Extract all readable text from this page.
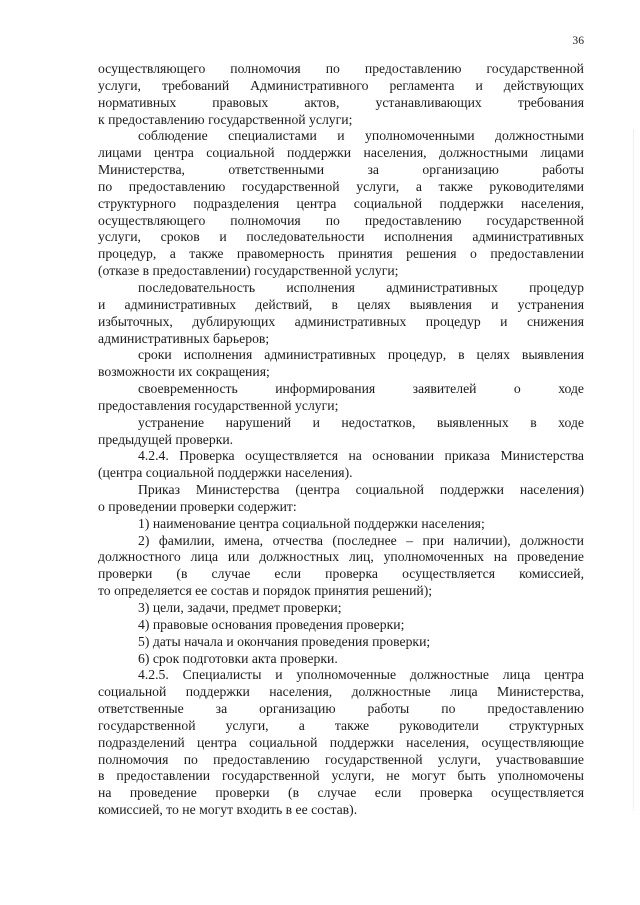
36
осуществляющего полномочия по предоставлению государственной
услуги, требований Административного регламента и действующих
нормативных правовых актов, устанавливающих требования
к предоставлению государственной услуги;
соблюдение специалистами и уполномоченными должностными
лицами центра социальной поддержки населения, должностными лицами
Министерства, ответственными за организацию работы
по предоставлению государственной услуги, а также руководителями
структурного подразделения центра социальной поддержки населения,
осуществляющего полномочия по предоставлению государственной
услуги, сроков и последовательности исполнения административных
процедур, а также правомерность принятия решения о предоставлении
(отказе в предоставлении) государственной услуги;
последовательность исполнения административных процедур
и административных действий, в целях выявления и устранения
избыточных, дублирующих административных процедур и снижения
административных барьеров;
сроки исполнения административных процедур, в целях выявления
возможности их сокращения;
своевременность информирования заявителей о ходе
предоставления государственной услуги;
устранение нарушений и недостатков, выявленных в ходе
предыдущей проверки.
4.2.4. Проверка осуществляется на основании приказа Министерства
(центра социальной поддержки населения).
Приказ Министерства (центра социальной поддержки населения)
о проведении проверки содержит:
1) наименование центра социальной поддержки населения;
2) фамилии, имена, отчества (последнее – при наличии), должности
должностного лица или должностных лиц, уполномоченных на проведение
проверки (в случае если проверка осуществляется комиссией,
то определяется ее состав и порядок принятия решений);
3) цели, задачи, предмет проверки;
4) правовые основания проведения проверки;
5) даты начала и окончания проведения проверки;
6) срок подготовки акта проверки.
4.2.5. Специалисты и уполномоченные должностные лица центра
социальной поддержки населения, должностные лица Министерства,
ответственные за организацию работы по предоставлению
государственной услуги, а также руководители структурных
подразделений центра социальной поддержки населения, осуществляющие
полномочия по предоставлению государственной услуги, участвовавшие
в предоставлении государственной услуги, не могут быть уполномочены
на проведение проверки (в случае если проверка осуществляется
комиссией, то не могут входить в ее состав).
